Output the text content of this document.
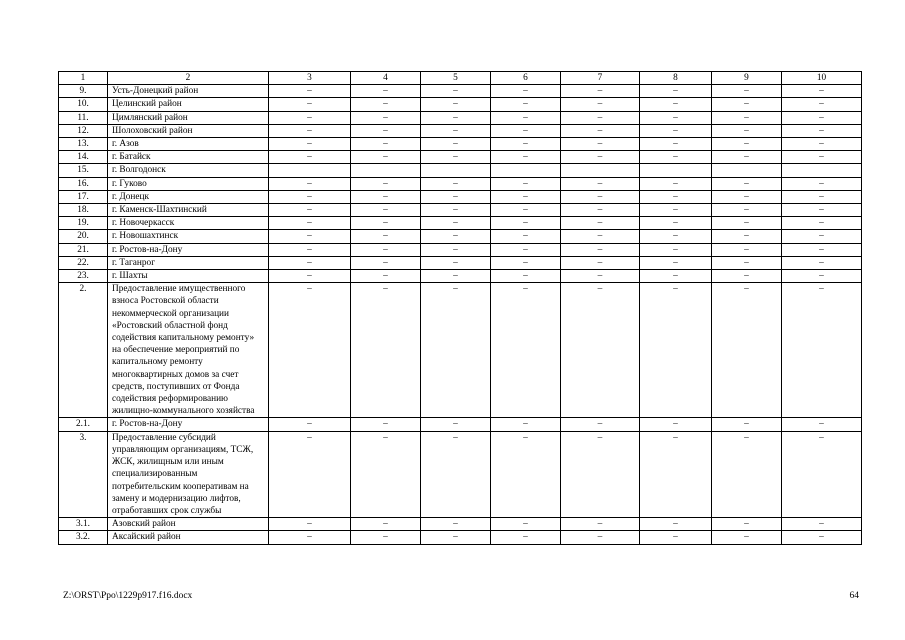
1	2	3	4	5	6	7	8	9	10
9.	Усть-Донецкий район	–	–	–	–	–	–	–	–
10.	Целинский район	–	–	–	–	–	–	–	–
11.	Цимлянский район	–	–	–	–	–	–	–	–
12.	Шолоховский район	–	–	–	–	–	–	–	–
13.	г. Азов	–	–	–	–	–	–	–	–
14.	г. Батайск	–	–	–	–	–	–	–	–
15.	г. Волгодонск								
16.	г. Гуково	–	–	–	–	–	–	–	–
17.	г. Донецк	–	–	–	–	–	–	–	–
18.	г. Каменск-Шахтинский	–	–	–	–	–	–	–	–
19.	г. Новочеркасск	–	–	–	–	–	–	–	–
20.	г. Новошахтинск	–	–	–	–	–	–	–	–
21.	г. Ростов-на-Дону	–	–	–	–	–	–	–	–
22.	г. Таганрог	–	–	–	–	–	–	–	–
23.	г. Шахты	–	–	–	–	–	–	–	–
2.	Предоставление имущественного взноса Ростовской области некоммерческой организации «Ростовский областной фонд содействия капитальному ремонту» на обеспечение мероприятий по капитальному ремонту многоквартирных домов за счет средств, поступивших от Фонда содействия реформированию жилищно-коммунального хозяйства	–	–	–	–	–	–	–	–
2.1.	г. Ростов-на-Дону	–	–	–	–	–	–	–	–
3.	Предоставление субсидий управляющим организациям, ТСЖ, ЖСК, жилищным или иным специализированным потребительским кооперативам на замену и модернизацию лифтов, отработавших срок службы	–	–	–	–	–	–	–	–
3.1.	Азовский район	–	–	–	–	–	–	–	–
3.2.	Аксайский район	–	–	–	–	–	–	–	–
Z:\ORST\Ppo\1229p917.f16.docx	64
